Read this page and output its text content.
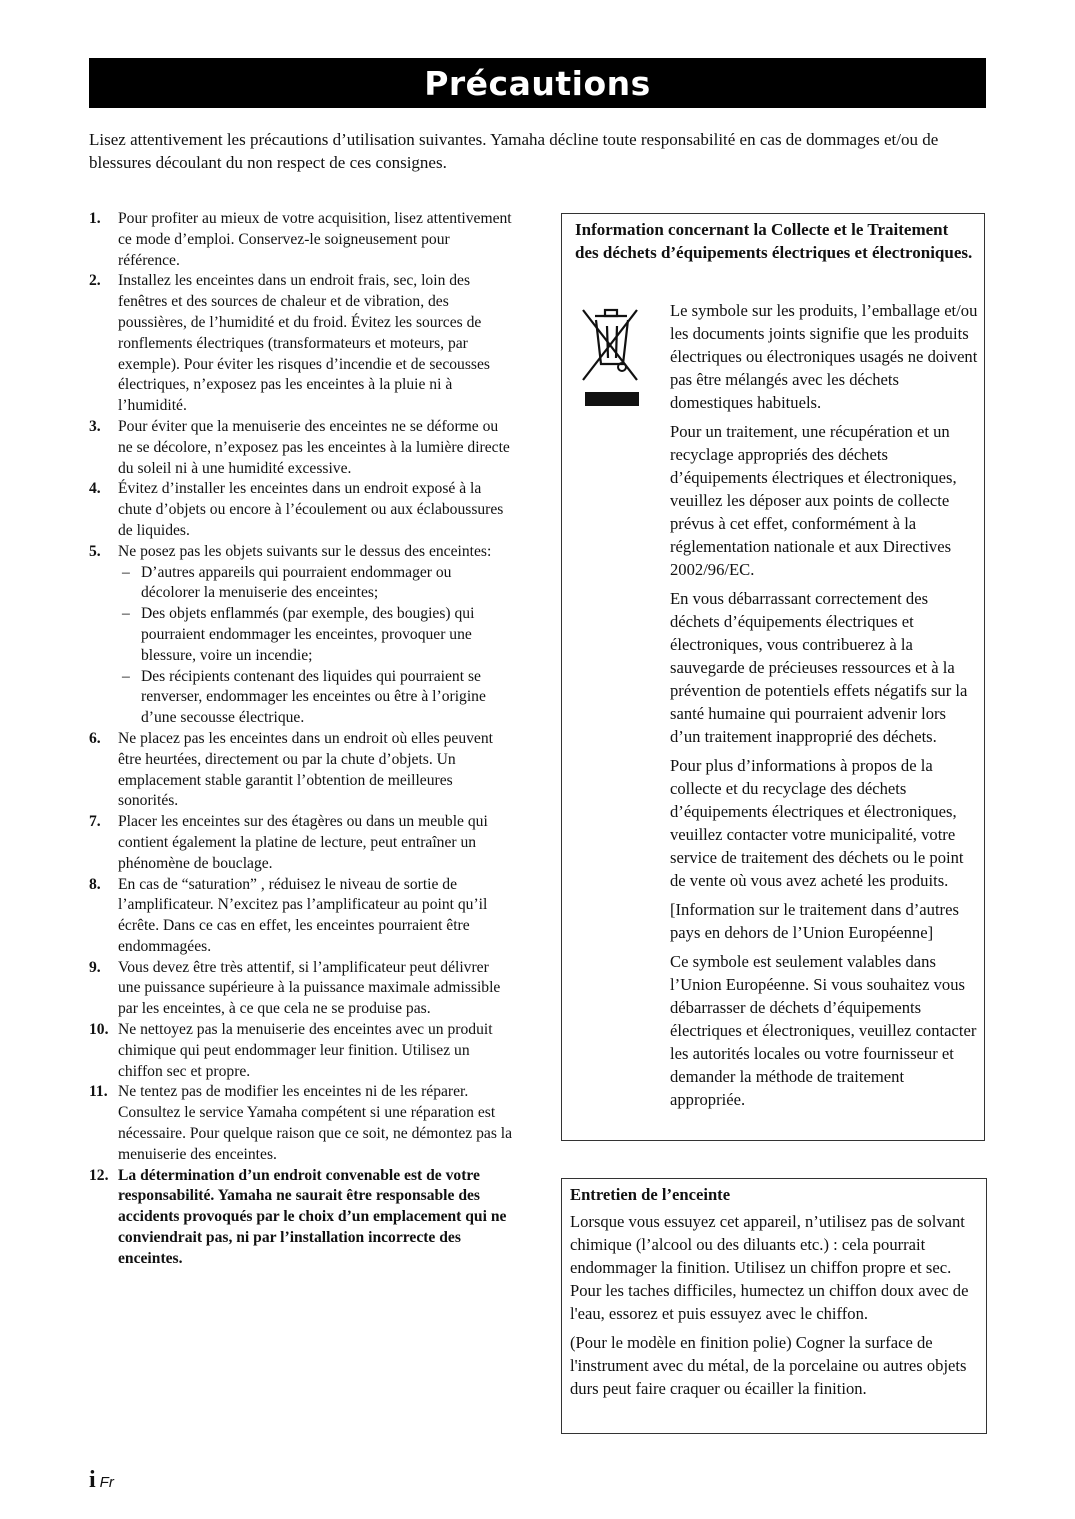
Précautions
Lisez attentivement les précautions d’utilisation suivantes. Yamaha décline toute responsabilité en cas de dommages et/ou de blessures découlant du non respect de ces consignes.
1.	Pour profiter au mieux de votre acquisition, lisez attentivement ce mode d’emploi. Conservez-le soigneusement pour référence.
2.	Installez les enceintes dans un endroit frais, sec, loin des fenêtres et des sources de chaleur et de vibration, des poussières, de l’humidité et du froid. Évitez les sources de ronflements électriques (transformateurs et moteurs, par exemple). Pour éviter les risques d’incendie et de secousses électriques, n’exposez pas les enceintes à la pluie ni à l’humidité.
3.	Pour éviter que la menuiserie des enceintes ne se déforme ou ne se décolore, n’exposez pas les enceintes à la lumière directe du soleil ni à une humidité excessive.
4.	Évitez d’installer les enceintes dans un endroit exposé à la chute d’objets ou encore à l’écoulement ou aux éclaboussures de liquides.
5.	Ne posez pas les objets suivants sur le dessus des enceintes:
– D’autres appareils qui pourraient endommager ou décolorer la menuiserie des enceintes;
– Des objets enflammés (par exemple, des bougies) qui pourraient endommager les enceintes, provoquer une blessure, voire un incendie;
– Des récipients contenant des liquides qui pourraient se renverser, endommager les enceintes ou être à l’origine d’une secousse électrique.
6.	Ne placez pas les enceintes dans un endroit où elles peuvent être heurtées, directement ou par la chute d’objets. Un emplacement stable garantit l’obtention de meilleures sonorités.
7.	Placer les enceintes sur des étagères ou dans un meuble qui contient également la platine de lecture, peut entraîner un phénomène de bouclage.
8.	En cas de “saturation” , réduisez le niveau de sortie de l’amplificateur. N’excitez pas l’amplificateur au point qu’il écrête. Dans ce cas en effet, les enceintes pourraient être endommagées.
9.	Vous devez être très attentif, si l’amplificateur peut délivrer une puissance supérieure à la puissance maximale admissible par les enceintes, à ce que cela ne se produise pas.
10. Ne nettoyez pas la menuiserie des enceintes avec un produit chimique qui peut endommager leur finition. Utilisez un chiffon sec et propre.
11. Ne tentez pas de modifier les enceintes ni de les réparer. Consultez le service Yamaha compétent si une réparation est nécessaire. Pour quelque raison que ce soit, ne démontez pas la menuiserie des enceintes.
12. La détermination d’un endroit convenable est de votre responsabilité. Yamaha ne saurait être responsable des accidents provoqués par le choix d’un emplacement qui ne conviendrait pas, ni par l’installation incorrecte des enceintes.
Information concernant la Collecte et le Traitement des déchets d’équipements électriques et électroniques.

Le symbole sur les produits, l’emballage et/ou les documents joints signifie que les produits électriques ou électroniques usagés ne doivent pas être mélangés avec les déchets domestiques habituels.

Pour un traitement, une récupération et un recyclage appropriés des déchets d’équipements électriques et électroniques, veuillez les déposer aux points de collecte prévus à cet effet, conformément à la réglementation nationale et aux Directives 2002/96/EC.

En vous débarrassant correctement des déchets d’équipements électriques et électroniques, vous contribuerez à la sauvegarde de précieuses ressources et à la prévention de potentiels effets négatifs sur la santé humaine qui pourraient advenir lors d’un traitement inapproprié des déchets.

Pour plus d’informations à propos de la collecte et du recyclage des déchets d’équipements électriques et électroniques, veuillez contacter votre municipalité, votre service de traitement des déchets ou le point de vente où vous avez acheté les produits.

[Information sur le traitement dans d’autres pays en dehors de l’Union Européenne]

Ce symbole est seulement valables dans l’Union Européenne. Si vous souhaitez vous débarrasser de déchets d’équipements électriques et électroniques, veuillez contacter les autorités locales ou votre fournisseur et demander la méthode de traitement appropriée.

Entretien de l’enceinte

Lorsque vous essuyez cet appareil, n’utilisez pas de solvant chimique (l’alcool ou des diluants etc.) : cela pourrait endommager la finition. Utilisez un chiffon propre et sec. Pour les taches difficiles, humectez un chiffon doux avec de l'eau, essorez et puis essuyez avec le chiffon.

(Pour le modèle en finition polie) Cogner la surface de l'instrument avec du métal, de la porcelaine ou autres objets durs peut faire craquer ou écailler la finition.

i Fr
